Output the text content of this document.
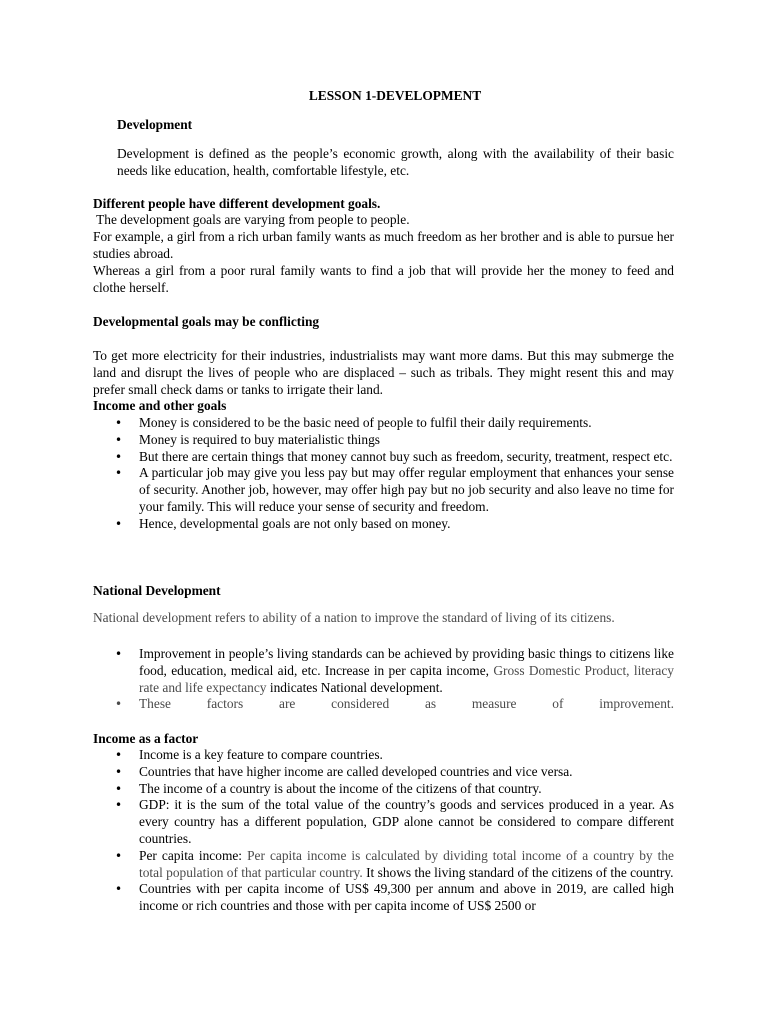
LESSON 1-DEVELOPMENT
Development
Development is defined as the people’s economic growth, along with the availability of their basic needs like education, health, comfortable lifestyle, etc.
Different people have different development goals.
The development goals are varying from people to people.
For example, a girl from a rich urban family wants as much freedom as her brother and is able to pursue her studies abroad.
Whereas a girl from a poor rural family wants to find a job that will provide her the money to feed and clothe herself.
Developmental goals may be conflicting
To get more electricity for their industries, industrialists may want more dams. But this may submerge the land and disrupt the lives of people who are displaced – such as tribals. They might resent this and may prefer small check dams or tanks to irrigate their land.
Income and other goals
• Money is considered to be the basic need of people to fulfil their daily requirements.
• Money is required to buy materialistic things
• But there are certain things that money cannot buy such as freedom, security, treatment, respect etc.
• A particular job may give you less pay but may offer regular employment that enhances your sense of security. Another job, however, may offer high pay but no job security and also leave no time for your family. This will reduce your sense of security and freedom.
• Hence, developmental goals are not only based on money.
National Development
National development refers to ability of a nation to improve the standard of living of its citizens.
• Improvement in people’s living standards can be achieved by providing basic things to citizens like food, education, medical aid, etc. Increase in per capita income, Gross Domestic Product, literacy rate and life expectancy indicates National development.
• These factors are considered as measure of improvement.
Income as a factor
• Income is a key feature to compare countries.
• Countries that have higher income are called developed countries and vice versa.
• The income of a country is about the income of the citizens of that country.
• GDP: it is the sum of the total value of the country’s goods and services produced in a year. As every country has a different population, GDP alone cannot be considered to compare different countries.
• Per capita income: Per capita income is calculated by dividing total income of a country by the total population of that particular country. It shows the living standard of the citizens of the country.
• Countries with per capita income of US$ 49,300 per annum and above in 2019, are called high income or rich countries and those with per capita income of US$ 2500 or
